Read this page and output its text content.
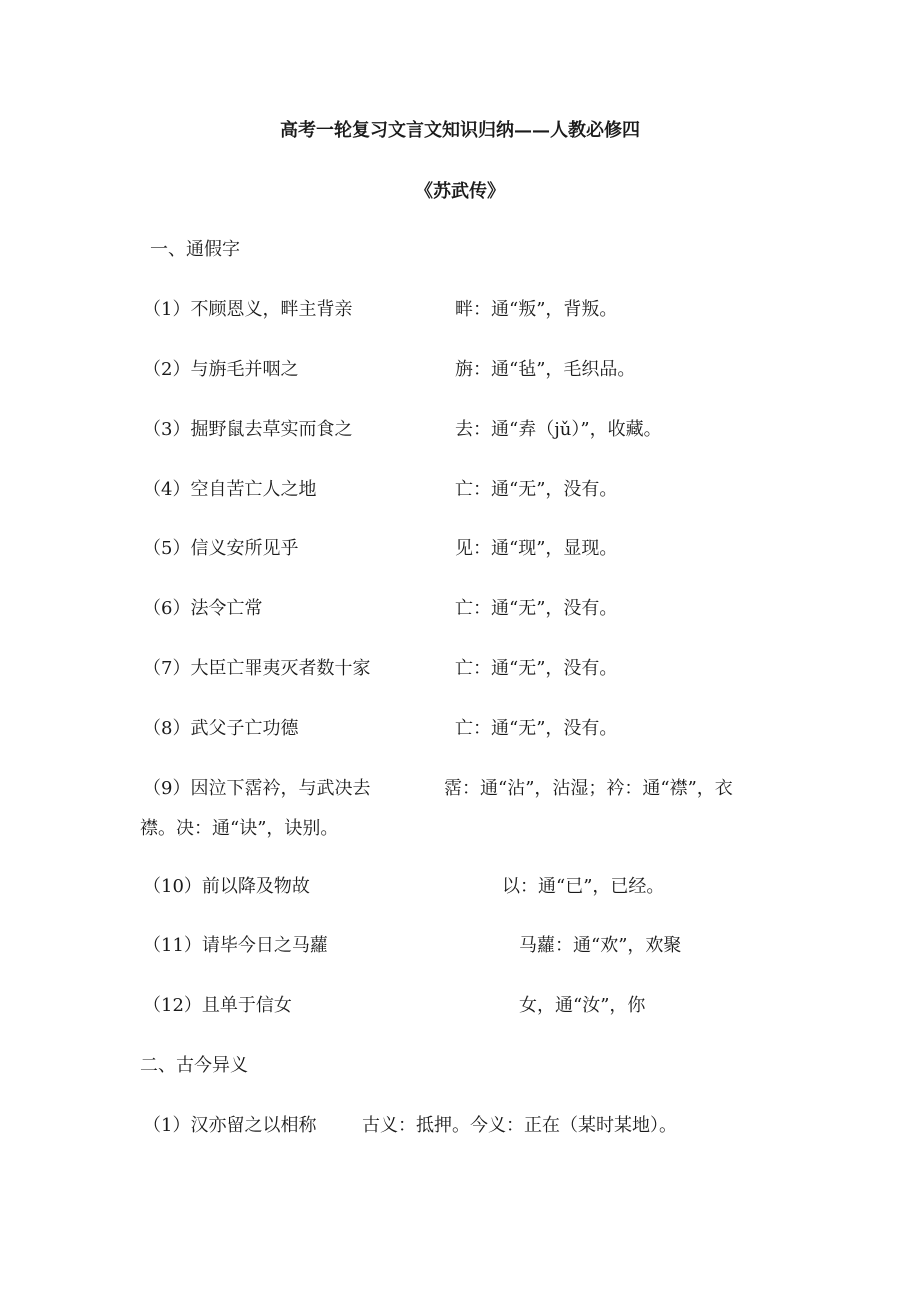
高考一轮复习文言文知识归纳——人教必修四
《苏武传》
一、通假字
（1）不顾恩义，畔主背亲	畔：通“叛”，背叛。
（2）与旃毛并咽之	旃：通“毡”，毛织品。
（3）掘野鼠去草实而食之	去：通“弆（jǔ）”，收藏。
（4）空自苦亡人之地	亡：通“无”，没有。
（5）信义安所见乎	见：通“现”，显现。
（6）法令亡常	亡：通“无”，没有。
（7）大臣亡罪夷灭者数十家	亡：通“无”，没有。
（8）武父子亡功德	亡：通“无”，没有。
（9）因泣下霑衿，与武决去	霑：通“沾”，沾湿；衿：通“襟”，衣
襟。决：通“诀”，诀别。
（10）前以降及物故	以：通“已”，已经。
（11）请毕今日之马蘿	马蘿：通“欢”，欢聚
（12）且单于信女	女，通“汝”，你
二、古今异义
（1）汉亦留之以相称	古义：抵押。今义：正在（某时某地）。
